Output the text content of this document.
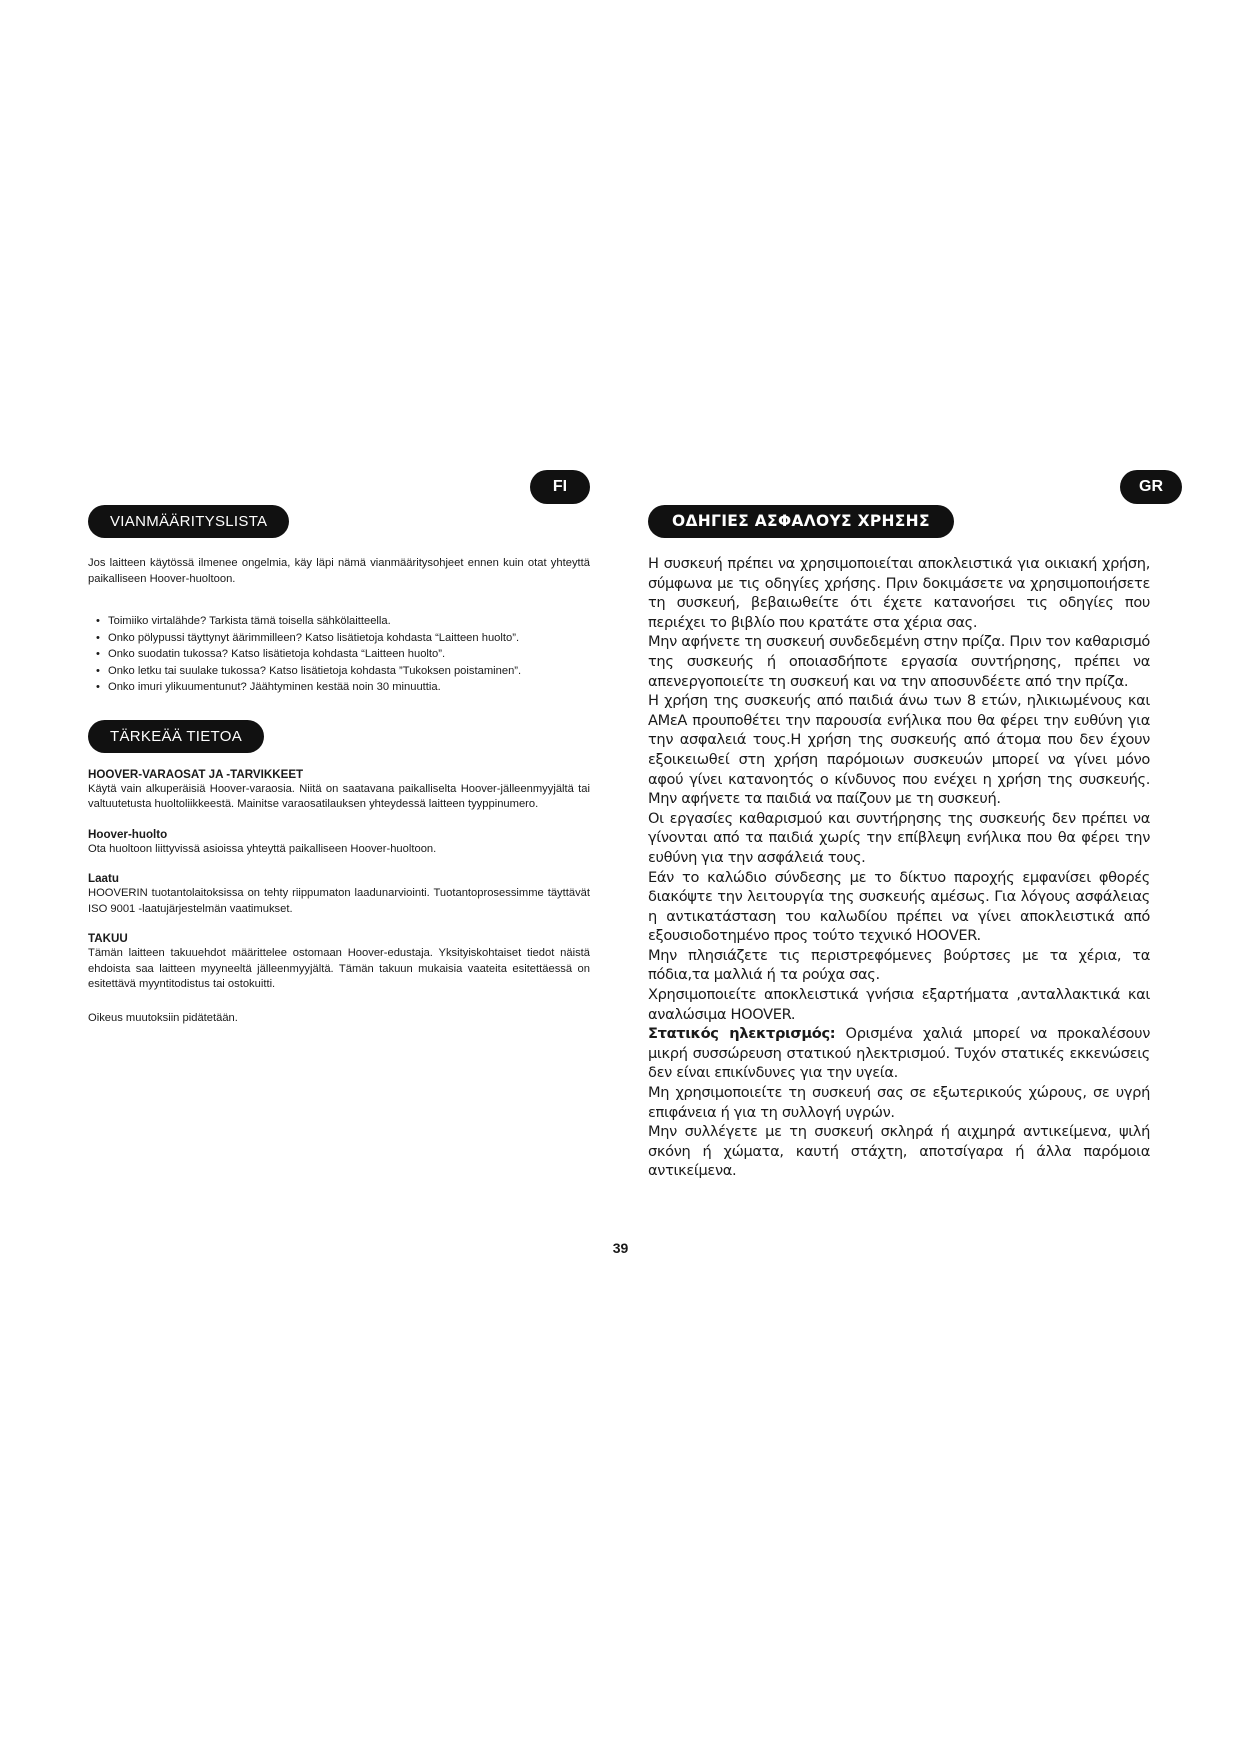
FI	GR
VIANMÄÄRITYSLISTA

Jos laitteen käytössä ilmenee ongelmia, käy läpi nämä vianmääritysohjeet ennen kuin otat yhteyttä paikalliseen Hoover-huoltoon.

• Toimiiko virtalähde? Tarkista tämä toisella sähkölaitteella.
• Onko pölypussi täyttynyt äärimmilleen? Katso lisätietoja kohdasta “Laitteen huolto”.
• Onko suodatin tukossa? Katso lisätietoja kohdasta “Laitteen huolto”.
• Onko letku tai suulake tukossa? Katso lisätietoja kohdasta ”Tukoksen poistaminen”.
• Onko imuri ylikuumentunut? Jäähtyminen kestää noin 30 minuuttia.
TÄRKEÄÄ TIETOA
HOOVER-VARAOSAT JA -TARVIKKEET

Käytä vain alkuperäisiä Hoover-varaosia. Niitä on saatavana paikalliselta Hoover-jälleenmyyjältä tai valtuutetusta huoltoliikkeestä. Mainitse varaosatilauksen yhteydessä laitteen tyyppinumero.

Hoover-huolto

Ota huoltoon liittyvissä asioissa yhteyttä paikalliseen Hoover-huoltoon.

Laatu

HOOVERIN tuotantolaitoksissa on tehty riippumaton laadunarviointi. Tuotantoprosessimme täyttävät ISO 9001 -laatujärjestelmän vaatimukset.

TAKUU

Tämän laitteen takuuehdot määrittelee ostomaan Hoover-edustaja. Yksityiskohtaiset tiedot näistä ehdoista saa laitteen myyneeltä jälleenmyyjältä. Tämän takuun mukaisia vaateita esitettäessä on esitettävä myyntitodistus tai ostokuitti.

Oikeus muutoksiin pidätetään.

ΟΔΗΓΙΕΣ ΑΣΦΑΛΟΥΣ ΧΡΗΣΗΣ

Η συσκευή πρέπει να χρησιμοποιείται αποκλειστικά για οικιακή χρήση, σύμφωνα με τις οδηγίες χρήσης. Πριν δοκιμάσετε να χρησιμοποιήσετε τη συσκευή, βεβαιωθείτε ότι έχετε κατανοήσει τις οδηγίες που περιέχει το βιβλίο που κρατάτε στα χέρια σας.

Μην αφήνετε τη συσκευή συνδεδεμένη στην πρίζα. Πριν τον καθαρισμό της συσκευής ή οποιασδήποτε εργασία συντήρησης, πρέπει να απενεργοποιείτε τη συσκευή και να την αποσυνδέετε από την πρίζα.

Η χρήση της συσκευής από παιδιά άνω των 8 ετών, ηλικιωμένους και ΑΜεΑ προυποθέτει την παρουσία ενήλικα που θα φέρει την ευθύνη για την ασφαλειά τους.Η χρήση της συσκευής από άτομα που δεν έχουν εξοικειωθεί στη χρήση παρόμοιων συσκευών μπορεί να γίνει μόνο αφού γίνει κατανοητός ο κίνδυνος που ενέχει η χρήση της συσκευής. Μην αφήνετε τα παιδιά να παίζουν με τη συσκευή.

Οι εργασίες καθαρισμού και συντήρησης της συσκευής δεν πρέπει να γίνονται από τα παιδιά χωρίς την επίβλεψη ενήλικα που θα φέρει την ευθύνη για την ασφάλειά τους.

Εάν το καλώδιο σύνδεσης με το δίκτυο παροχής εμφανίσει φθορές διακόψτε την λειτουργία της συσκευής αμέσως. Για λόγους ασφάλειας η αντικατάσταση του καλωδίου πρέπει να γίνει αποκλειστικά από εξουσιοδοτημένο προς τούτο τεχνικό HOOVER.

Μην πλησιάζετε τις περιστρεφόμενες βούρτσες με τα χέρια, τα πόδια,τα μαλλιά ή τα ρούχα σας.

Χρησιμοποιείτε αποκλειστικά γνήσια εξαρτήματα ,ανταλλακτικά και αναλώσιμα HOOVER.

Στατικός ηλεκτρισμός: Ορισμένα χαλιά μπορεί να προκαλέσουν μικρή συσσώρευση στατικού ηλεκτρισμού. Τυχόν στατικές εκκενώσεις δεν είναι επικίνδυνες για την υγεία.

Μη χρησιμοποιείτε τη συσκευή σας σε εξωτερικούς χώρους, σε υγρή επιφάνεια ή για τη συλλογή υγρών.

Μην συλλέγετε με τη συσκευή σκληρά ή αιχμηρά αντικείμενα, ψιλή σκόνη ή χώματα, καυτή στάχτη, αποτσίγαρα ή άλλα παρόμοια αντικείμενα.

39
